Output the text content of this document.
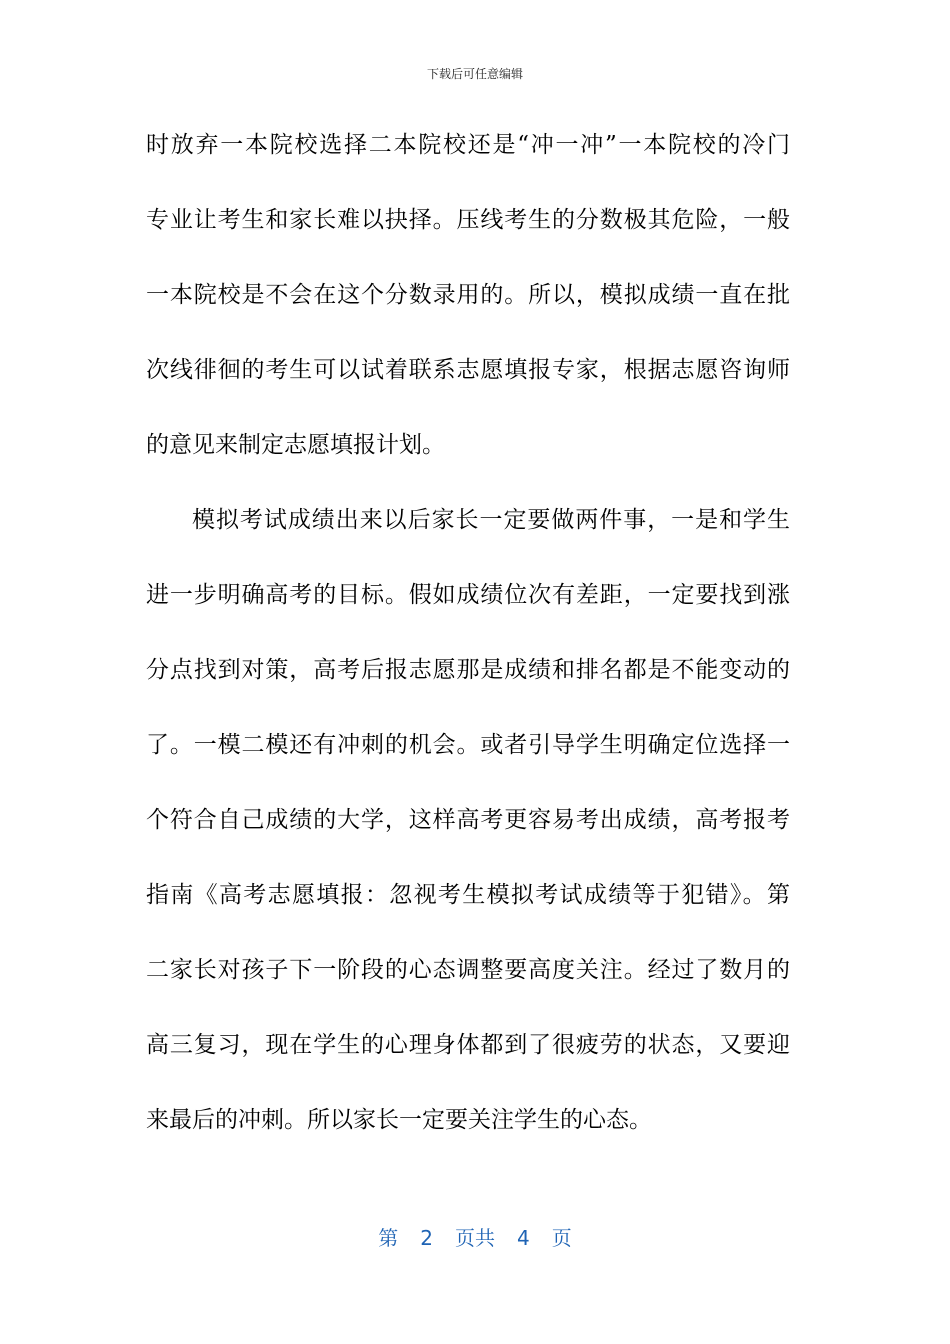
下载后可任意编辑
时放弃一本院校选择二本院校还是“冲一冲”一本院校的冷门
专业让考生和家长难以抉择。压线考生的分数极其危险，一般
一本院校是不会在这个分数录用的。所以，模拟成绩一直在批
次线徘徊的考生可以试着联系志愿填报专家，根据志愿咨询师
的意见来制定志愿填报计划。
模拟考试成绩出来以后家长一定要做两件事，一是和学生
进一步明确高考的目标。假如成绩位次有差距，一定要找到涨
分点找到对策，高考后报志愿那是成绩和排名都是不能变动的
了。一模二模还有冲刺的机会。或者引导学生明确定位选择一
个符合自己成绩的大学，这样高考更容易考出成绩，高考报考
指南《高考志愿填报：忽视考生模拟考试成绩等于犯错》。第
二家长对孩子下一阶段的心态调整要高度关注。经过了数月的
高三复习，现在学生的心理身体都到了很疲劳的状态，又要迎
来最后的冲刺。所以家长一定要关注学生的心态。
第 2 页共 4 页
